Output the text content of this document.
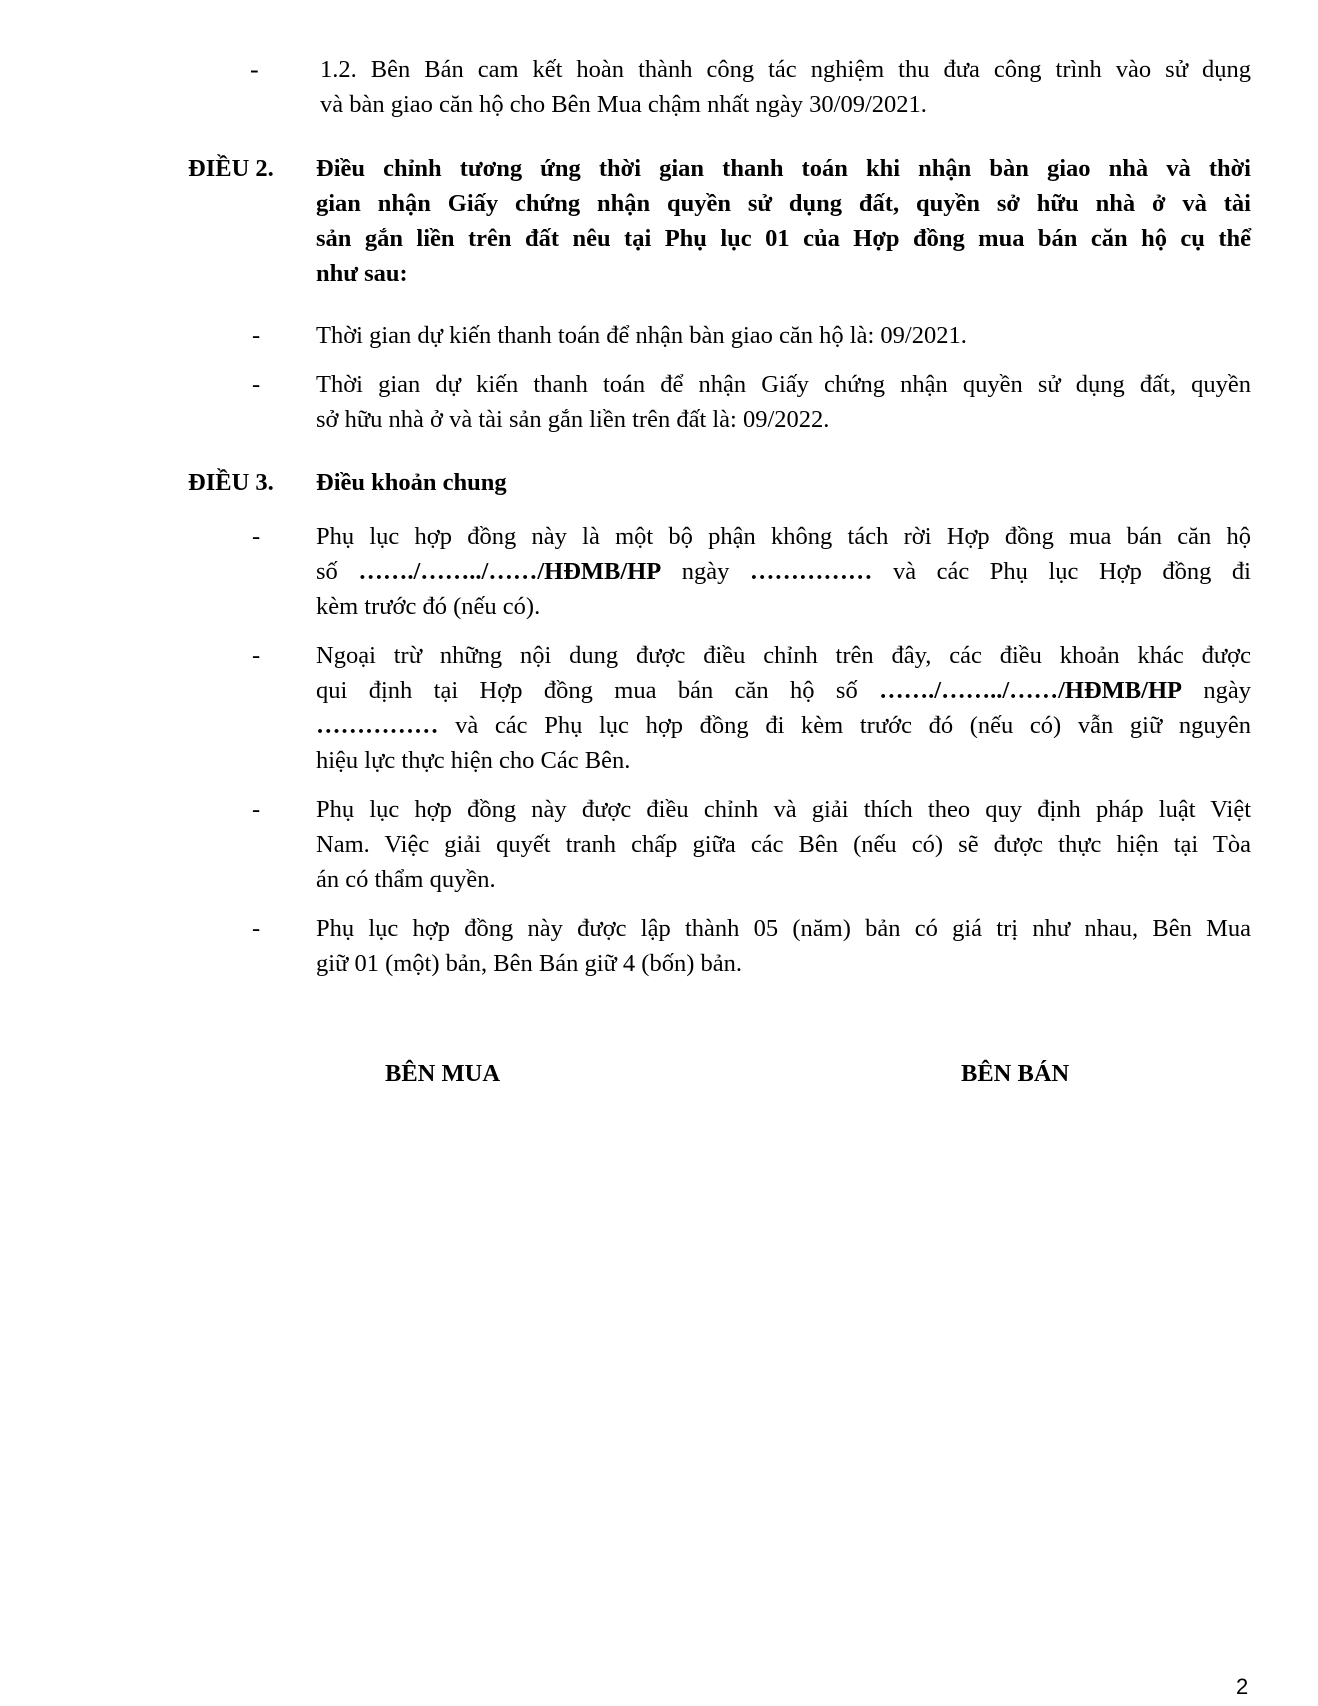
-	1.2. Bên Bán cam kết hoàn thành công tác nghiệm thu đưa công trình vào sử dụng
và bàn giao căn hộ cho Bên Mua chậm nhất ngày 30/09/2021.
ĐIỀU 2. Điều chỉnh tương ứng thời gian thanh toán khi nhận bàn giao nhà và thời
gian nhận Giấy chứng nhận quyền sử dụng đất, quyền sở hữu nhà ở và tài
sản gắn liền trên đất nêu tại Phụ lục 01 của Hợp đồng mua bán căn hộ cụ thể
như sau:
-	Thời gian dự kiến thanh toán để nhận bàn giao căn hộ là: 09/2021.
-	Thời gian dự kiến thanh toán để nhận Giấy chứng nhận quyền sử dụng đất, quyền
sở hữu nhà ở và tài sản gắn liền trên đất là: 09/2022.
ĐIỀU 3. Điều khoản chung
-	Phụ lục hợp đồng này là một bộ phận không tách rời Hợp đồng mua bán căn hộ
số ……./……../……/HĐMB/HP ngày …………… và các Phụ lục Hợp đồng đi
kèm trước đó (nếu có).
-	Ngoại trừ những nội dung được điều chỉnh trên đây, các điều khoản khác được
qui định tại Hợp đồng mua bán căn hộ số ……./……../……/HĐMB/HP ngày
…………… và các Phụ lục hợp đồng đi kèm trước đó (nếu có) vẫn giữ nguyên
hiệu lực thực hiện cho Các Bên.
-	Phụ lục hợp đồng này được điều chỉnh và giải thích theo quy định pháp luật Việt
Nam. Việc giải quyết tranh chấp giữa các Bên (nếu có) sẽ được thực hiện tại Tòa
án có thẩm quyền.
-	Phụ lục hợp đồng này được lập thành 05 (năm) bản có giá trị như nhau, Bên Mua
giữ 01 (một) bản, Bên Bán giữ 4 (bốn) bản.
BÊN MUA	BÊN BÁN
2
